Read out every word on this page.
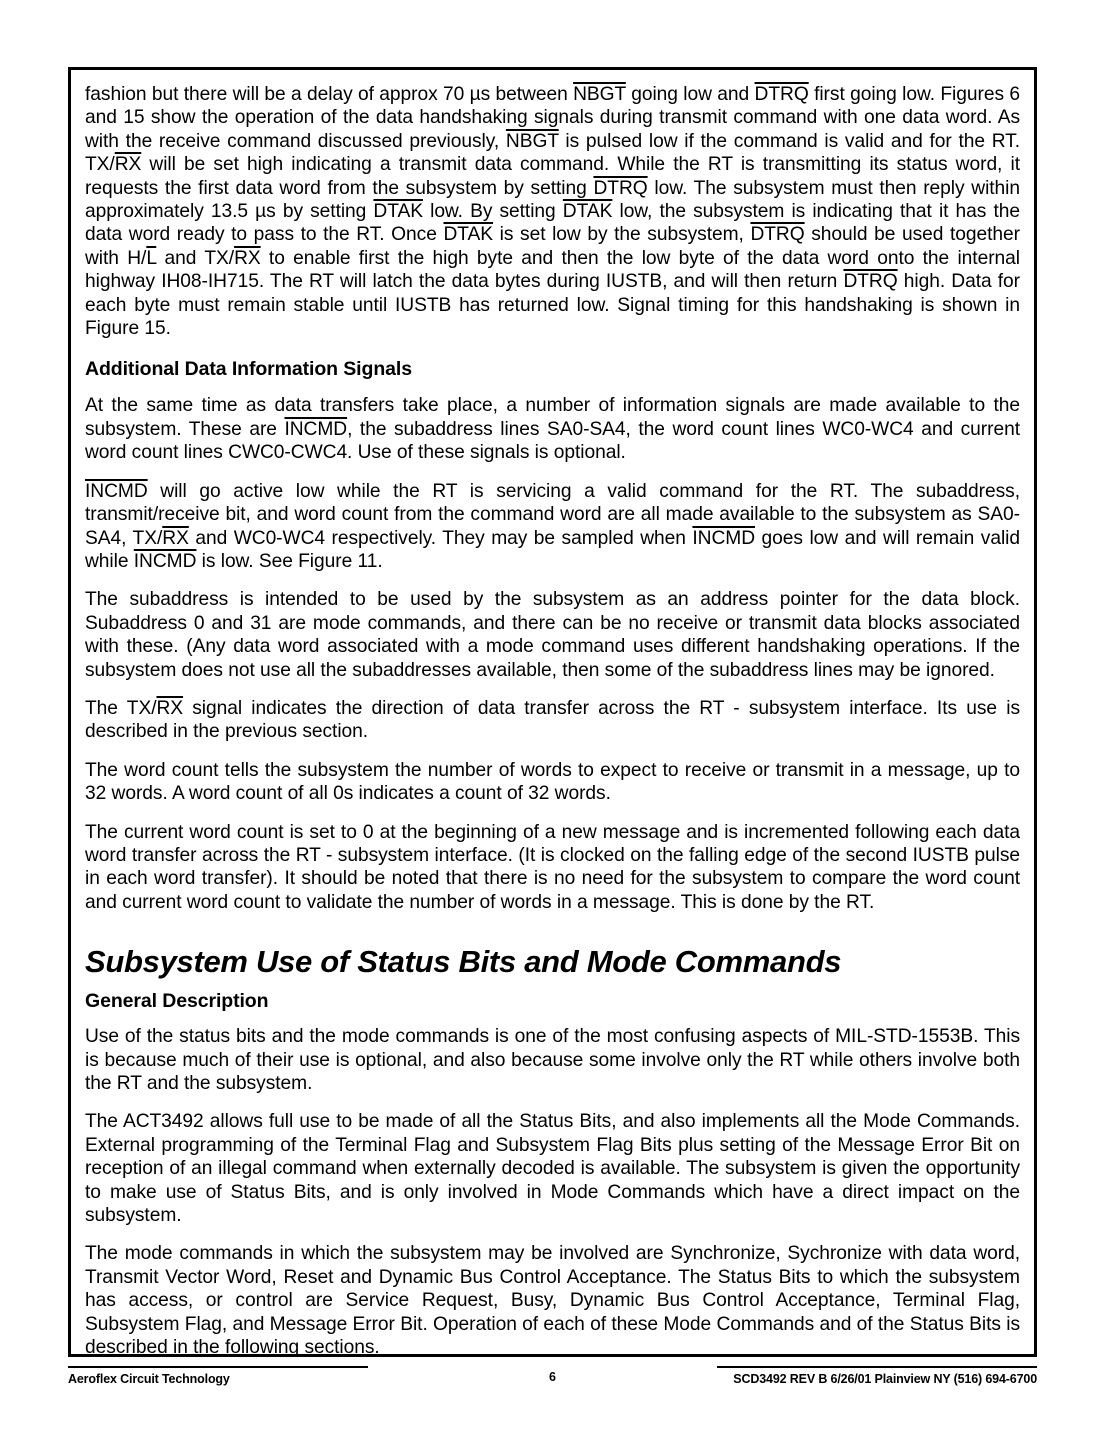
fashion but there will be a delay of approx 70 µs between NBGT going low and DTRQ first going low. Figures 6 and 15 show the operation of the data handshaking signals during transmit command with one data word. As with the receive command discussed previously, NBGT is pulsed low if the command is valid and for the RT. $TX/\overline{RX}$ will be set high indicating a transmit data command. While the RT is transmitting its status word, it requests the first data word from the subsystem by setting DTRQ low. The subsystem must then reply within approximately 13.5 µs by setting DTAK low. By setting DTAK low, the subsystem is indicating that it has the data word ready to pass to the RT. Once DTAK is set low by the subsystem, DTRQ should be used together with $H/\overline{L}$ and $TX/\overline{RX}$ to enable first the high byte and then the low byte of the data word onto the internal highway IH08-IH715. The RT will latch the data bytes during IUSTB, and will then return DTRQ high. Data for each byte must remain stable until IUSTB has returned low. Signal timing for this handshaking is shown in Figure 15.

Additional Data Information Signals

At the same time as data transfers take place, a number of information signals are made available to the subsystem. These are INCMD, the subaddress lines SA0-SA4, the word count lines WC0-WC4 and current word count lines CWC0-CWC4. Use of these signals is optional.

INCMD will go active low while the RT is servicing a valid command for the RT. The subaddress, transmit/receive bit, and word count from the command word are all made available to the subsystem as SA0-SA4, $TX/\overline{RX}$ and WC0-WC4 respectively. They may be sampled when INCMD goes low and will remain valid while INCMD is low. See Figure 11.

The subaddress is intended to be used by the subsystem as an address pointer for the data block. Subaddress 0 and 31 are mode commands, and there can be no receive or transmit data blocks associated with these. (Any data word associated with a mode command uses different handshaking operations. If the subsystem does not use all the subaddresses available, then some of the subaddress lines may be ignored.

The $TX/\overline{RX}$ signal indicates the direction of data transfer across the RT - subsystem interface. Its use is described in the previous section.

The word count tells the subsystem the number of words to expect to receive or transmit in a message, up to 32 words. A word count of all 0s indicates a count of 32 words.

The current word count is set to 0 at the beginning of a new message and is incremented following each data word transfer across the RT - subsystem interface. (It is clocked on the falling edge of the second IUSTB pulse in each word transfer). It should be noted that there is no need for the subsystem to compare the word count and current word count to validate the number of words in a message. This is done by the RT.

Subsystem Use of Status Bits and Mode Commands
General Description

Use of the status bits and the mode commands is one of the most confusing aspects of MIL-STD-1553B. This is because much of their use is optional, and also because some involve only the RT while others involve both the RT and the subsystem.

The ACT3492 allows full use to be made of all the Status Bits, and also implements all the Mode Commands. External programming of the Terminal Flag and Subsystem Flag Bits plus setting of the Message Error Bit on reception of an illegal command when externally decoded is available. The subsystem is given the opportunity to make use of Status Bits, and is only involved in Mode Commands which have a direct impact on the subsystem.

The mode commands in which the subsystem may be involved are Synchronize, Sychronize with data word, Transmit Vector Word, Reset and Dynamic Bus Control Acceptance. The Status Bits to which the subsystem has access, or control are Service Request, Busy, Dynamic Bus Control Acceptance, Terminal Flag, Subsystem Flag, and Message Error Bit. Operation of each of these Mode Commands and of the Status Bits is described in the following sections.

Aeroflex Circuit Technology	6	SCD3492 REV B 6/26/01 Plainview NY (516) 694-6700
